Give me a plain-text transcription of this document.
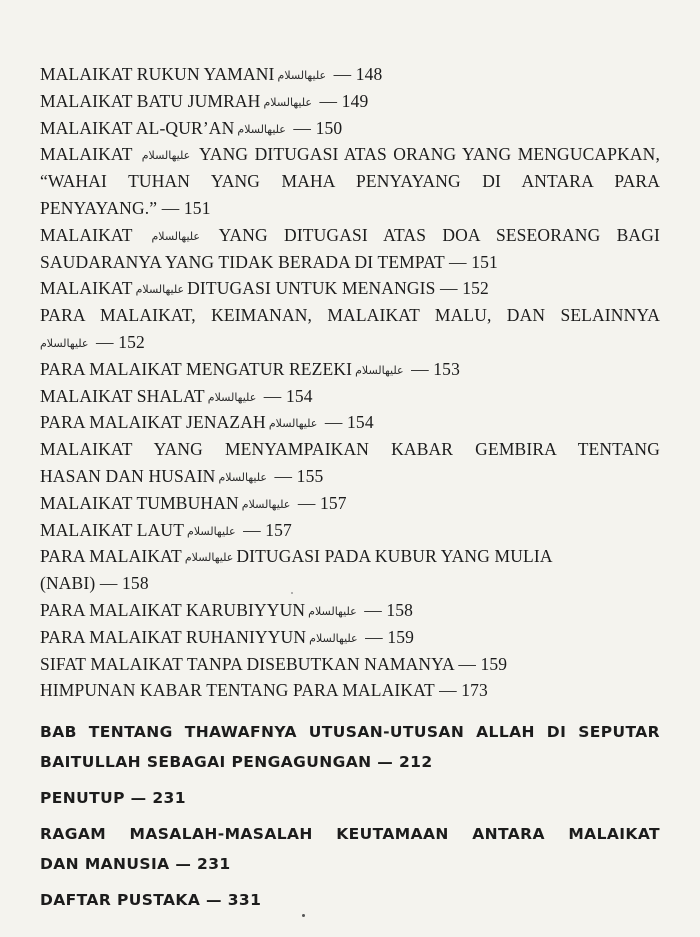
MALAIKAT RUKUN YAMANI عليهالسلام — 148
MALAIKAT BATU JUMRAH عليهالسلام — 149
MALAIKAT AL-QUR’AN عليهالسلام — 150
MALAIKAT عليهالسلام YANG DITUGASI ATAS ORANG YANG MENGUCAPKAN,
“WAHAI TUHAN YANG MAHA PENYAYANG DI ANTARA PARA
PENYAYANG.” — 151
MALAIKAT عليهالسلام YANG DITUGASI ATAS DOA SESEORANG BAGI
SAUDARANYA YANG TIDAK BERADA DI TEMPAT — 151
MALAIKAT عليهالسلام DITUGASI UNTUK MENANGIS — 152
PARA MALAIKAT, KEIMANAN, MALAIKAT MALU, DAN SELAINNYA
عليهالسلام — 152
PARA MALAIKAT MENGATUR REZEKI عليهالسلام — 153
MALAIKAT SHALAT عليهالسلام — 154
PARA MALAIKAT JENAZAH عليهالسلام — 154
MALAIKAT YANG MENYAMPAIKAN KABAR GEMBIRA TENTANG
HASAN DAN HUSAIN عليهالسلام — 155
MALAIKAT TUMBUHAN عليهالسلام — 157
MALAIKAT LAUT عليهالسلام — 157
PARA MALAIKAT عليهالسلام DITUGASI PADA KUBUR YANG MULIA
(NABI) — 158
PARA MALAIKAT KARUBIYYUN عليهالسلام — 158
PARA MALAIKAT RUHANIYYUN عليهالسلام — 159
SIFAT MALAIKAT TANPA DISEBUTKAN NAMANYA — 159
HIMPUNAN KABAR TENTANG PARA MALAIKAT — 173
BAB TENTANG THAWAFNYA UTUSAN-UTUSAN ALLAH DI SEPUTAR
BAITULLAH SEBAGAI PENGAGUNGAN — 212
PENUTUP — 231
RAGAM MASALAH-MASALAH KEUTAMAAN ANTARA MALAIKAT
DAN MANUSIA — 231
DAFTAR PUSTAKA — 331
